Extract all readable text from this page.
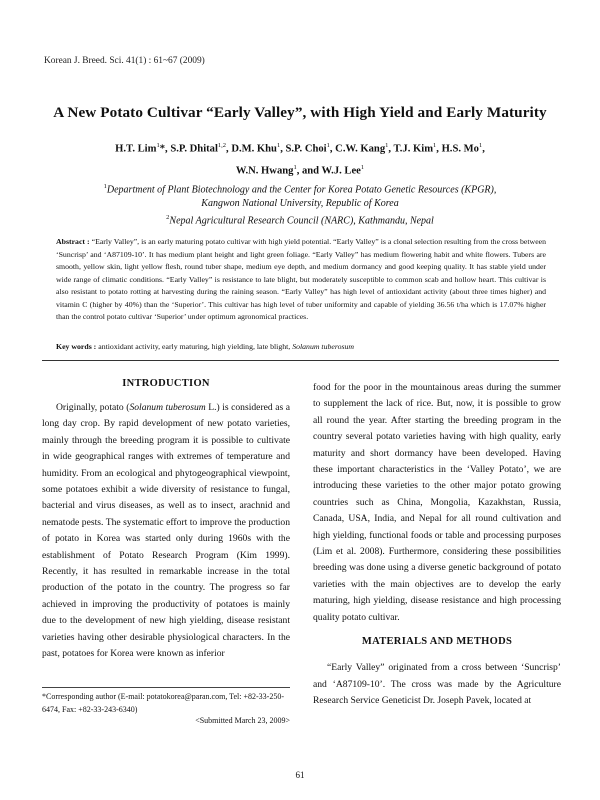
Korean J. Breed. Sci. 41(1) : 61~67 (2009)
A New Potato Cultivar “Early Valley”, with High Yield and Early Maturity
H.T. Lim$^1$*, S.P. Dhital$^{1,2}$, D.M. Khu$^1$, S.P. Choi$^1$, C.W. Kang$^1$, T.J. Kim$^1$, H.S. Mo$^1$,
W.N. Hwang$^1$, and W.J. Lee$^1$
$^1$Department of Plant Biotechnology and the Center for Korea Potato Genetic Resources (KPGR),
Kangwon National University, Republic of Korea
$^2$Nepal Agricultural Research Council (NARC), Kathmandu, Nepal

Abstract : “Early Valley”, is an early maturing potato cultivar with high yield potential. “Early Valley” is a clonal selection resulting from the cross between ‘Suncrisp’ and ‘A87109-10’. It has medium plant height and light green foliage. “Early Valley” has medium flowering habit and white flowers. Tubers are smooth, yellow skin, light yellow flesh, round tuber shape, medium eye depth, and medium dormancy and good keeping quality. It has stable yield under wide range of climatic conditions. “Early Valley” is resistance to late blight, but moderately susceptible to common scab and hollow heart. This cultivar is also resistant to potato rotting at harvesting during the raining season. “Early Valley” has high level of antioxidant activity (about three times higher) and vitamin C (higher by 40%) than the ‘Superior’. This cultivar has high level of tuber uniformity and capable of yielding 36.56 t/ha which is 17.07% higher than the control potato cultivar ‘Superior’ under optimum agronomical practices.

Key words : antioxidant activity, early maturing, high yielding, late blight, Solanum tuberosum

INTRODUCTION

Originally, potato (Solanum tuberosum L.) is considered as a long day crop. By rapid development of new potato varieties, mainly through the breeding program it is possible to cultivate in wide geographical ranges with extremes of temperature and humidity. From an ecological and phytogeographical viewpoint, some potatoes exhibit a wide diversity of resistance to fungal, bacterial and virus diseases, as well as to insect, arachnid and nematode pests. The systematic effort to improve the production of potato in Korea was started only during 1960s with the establishment of Potato Research Program (Kim 1999). Recently, it has resulted in remarkable increase in the total production of the potato in the country. The progress so far achieved in improving the productivity of potatoes is mainly due to the development of new high yielding, disease resistant varieties having other desirable physiological characters. In the past, potatoes for Korea were known as inferior

food for the poor in the mountainous areas during the summer to supplement the lack of rice. But, now, it is possible to grow all round the year. After starting the breeding program in the country several potato varieties having with high quality, early maturity and short dormancy have been developed. Having these important characteristics in the ‘Valley Potato’, we are introducing these varieties to the other major potato growing countries such as China, Mongolia, Kazakhstan, Russia, Canada, USA, India, and Nepal for all round cultivation and high yielding, functional foods or table and processing purposes (Lim et al. 2008). Furthermore, considering these possibilities breeding was done using a diverse genetic background of potato varieties with the main objectives are to develop the early maturing, high yielding, disease resistance and high processing quality potato cultivar.

MATERIALS AND METHODS

“Early Valley” originated from a cross between ‘Suncrisp’ and ‘A87109-10’. The cross was made by the Agriculture Research Service Geneticist Dr. Joseph Pavek, located at

*Corresponding author (E-mail: potatokorea@paran.com, Tel: +82-33-250-6474, Fax: +82-33-243-6340)

<Submitted March 23, 2009>

61
